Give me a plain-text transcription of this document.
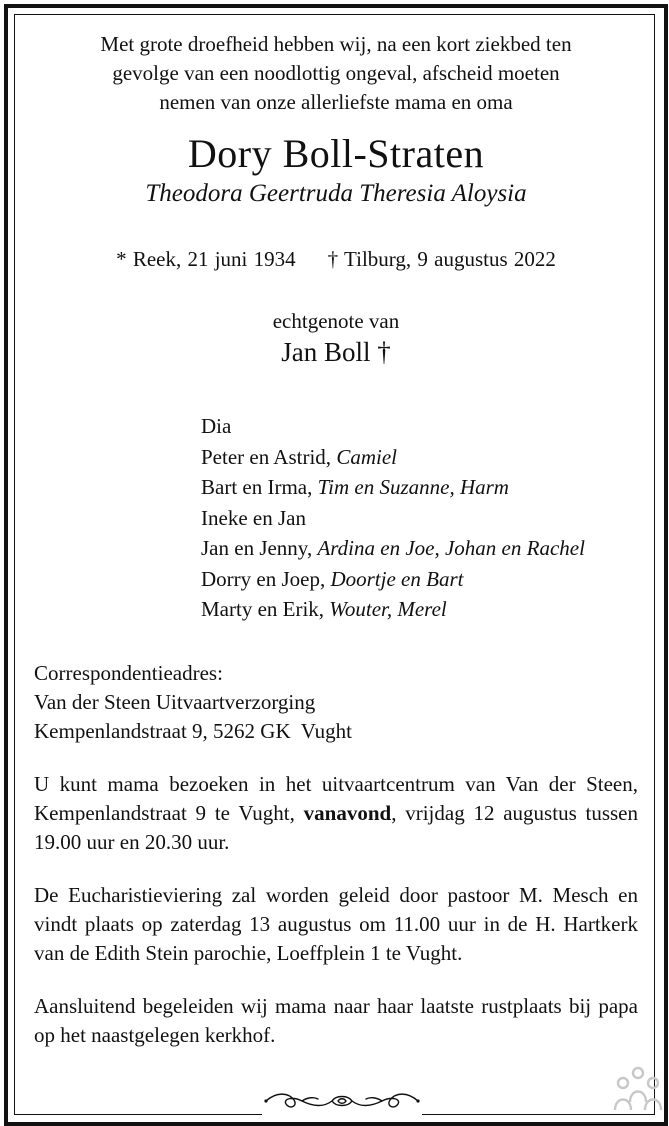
Met grote droefheid hebben wij, na een kort ziekbed ten
gevolge van een noodlottig ongeval, afscheid moeten
nemen van onze allerliefste mama en oma
Dory Boll-Straten
Theodora Geertruda Theresia Aloysia
* Reek, 21 juni 1934 † Tilburg, 9 augustus 2022
echtgenote van
Jan Boll †
Dia
Peter en Astrid, Camiel
Bart en Irma, Tim en Suzanne, Harm
Ineke en Jan
Jan en Jenny, Ardina en Joe, Johan en Rachel
Dorry en Joep, Doortje en Bart
Marty en Erik, Wouter, Merel
Correspondentieadres:
Van der Steen Uitvaartverzorging
Kempenlandstraat 9, 5262 GK  Vught

U kunt mama bezoeken in het uitvaartcentrum van Van der Steen, Kempenlandstraat 9 te Vught, vanavond, vrijdag 12 augustus tussen 19.00 uur en 20.30 uur.

De Eucharistieviering zal worden geleid door pastoor M. Mesch en vindt plaats op zaterdag 13 augustus om 11.00 uur in de H. Hartkerk van de Edith Stein parochie, Loeffplein 1 te Vught.

Aansluitend begeleiden wij mama naar haar laatste rustplaats bij papa op het naastgelegen kerkhof.
